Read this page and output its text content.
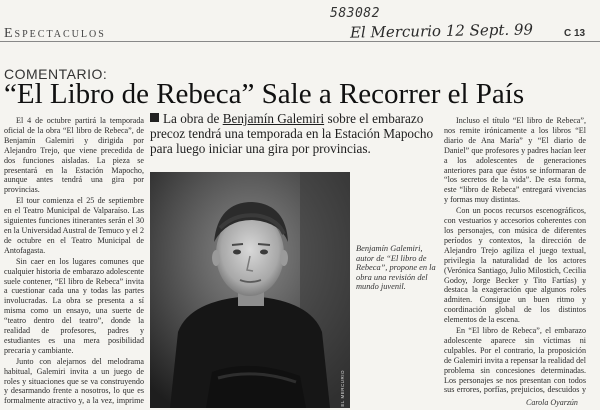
583082
Espectaculos	El Mercurio 12 Sept. 99	C 13
COMENTARIO:
“El Libro de Rebeca” Sale a Recorrer el País

El 4 de octubre partirá la temporada oficial de la obra “El libro de Rebeca”, de Benjamín Galemiri y dirigida por Alejandro Trejo, que viene precedida de dos funciones aisladas. La pieza se presentará en la Estación Mapocho, aunque antes tendrá una gira por provincias.

El tour comienza el 25 de septiembre en el Teatro Municipal de Valparaíso. Las siguientes funciones itinerantes serán el 30 en la Universidad Austral de Temuco y el 2 de octubre en el Teatro Municipal de Antofagasta.

Sin caer en los lugares comunes que cualquier historia de embarazo adolescente suele contener, “El libro de Rebeca” invita a cuestionar cada una y todas las partes involucradas. La obra se presenta a sí misma como un ensayo, una suerte de “teatro dentro del teatro”, donde la realidad de profesores, padres y estudiantes es una mera posibilidad precaria y cambiante.

Junto con alejarnos del melodrama habitual, Galemiri invita a un juego de roles y situaciones que se va construyendo y desarmando frente a nosotros, lo que es formalmente atractivo y, a la vez, imprime

La obra de Benjamín Galemiri sobre el embarazo precoz tendrá una temporada en la Estación Mapocho para luego iniciar una gira por provincias.
EL MERCURIO
Benjamín Galemiri, autor de “El libro de Rebeca”, propone en la obra una revisión del mundo juvenil.

Incluso el título “El libro de Rebeca”, nos remite irónicamente a los libros “El diario de Ana María” y “El diario de Daniel” que profesores y padres hacían leer a los adolescentes de generaciones anteriores para que éstos se informaran de “los secretos de la vida”. De esta forma, este “libro de Rebeca” entregará vivencias y formas muy distintas.

Con un pocos recursos escenográficos, con vestuarios y accesorios coherentes con los personajes, con música de diferentes períodos y contextos, la dirección de Alejandro Trejo agiliza el juego textual, privilegia la naturalidad de los actores (Verónica Santiago, Julio Milostich, Cecilia Godoy, Jorge Becker y Tito Fartías) y destaca la exageración que algunos roles admiten. Consigue un buen ritmo y coordinación global de los distintos elementos de la escena.

En “El libro de Rebeca”, el embarazo adolescente aparece sin víctimas ni culpables. Por el contrario, la proposición de Galemiri invita a repensar la realidad del problema sin concesiones determinadas. Los personajes se nos presentan con todos sus errores, porfías, prejuicios, descuidos y

Carola Oyarzún
